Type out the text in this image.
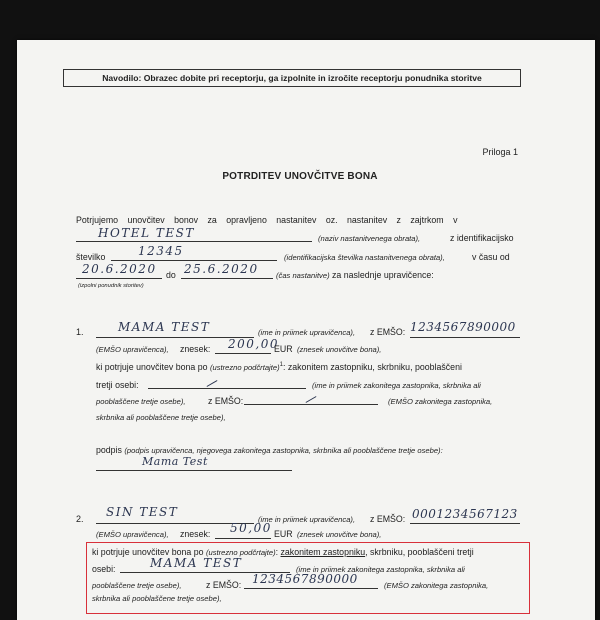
Navodilo: Obrazec dobite pri receptorju, ga izpolnite in izročite receptorju ponudnika storitve
Priloga 1
POTRDITEV UNOVČITVE BONA
Potrjujemo unovčitev bonov za opravljeno nastanitev oz. nastanitev z zajtrkom v
HOTEL TEST	(naziv nastanitvenega obrata),	z identifikacijsko
številko	12345	(identifikacijska številka nastanitvenega obrata),	v času od
20.6.2020 do 25.6.2020 (čas nastanitve) za naslednje upravičence:
(izpolni ponudnik storitev)
1.	MAMA TEST	(ime in priimek upravičenca), z EMŠO: 1234567890000
(EMŠO upravičenca), znesek: 200,00
EUR (znesek unovčitve bona),
ki potrjuje unovčitev bona po (ustrezno podčrtajte)$^1$: zakonitem zastopniku, skrbniku, pooblaščeni
tretji osebi:	(ime in priimek zakonitega zastopnika, skrbnika ali
pooblaščene tretje osebe),	z EMŠO:	(EMŠO zakonitega zastopnika,
skrbnika ali pooblaščene tretje osebe),
podpis (podpis upravičenca, njegovega zakonitega zastopnika, skrbnika ali pooblaščene tretje osebe):
Mama Test
2. SIN TEST
(ime in priimek upravičenca), z EMŠO: 0001234567123
(EMŠO upravičenca), znesek: 50,00 EUR (znesek unovčitve bona),
ki potrjuje unovčitev bona po (ustrezno podčrtajte): zakonitem zastopniku, skrbniku, pooblaščeni tretji
osebi:	MAMA TEST	(ime in priimek zakonitega zastopnika, skrbnika ali
pooblaščene tretje osebe),	z EMŠO: 1234567890000	(EMŠO zakonitega zastopnika,
skrbnika ali pooblaščene tretje osebe),
